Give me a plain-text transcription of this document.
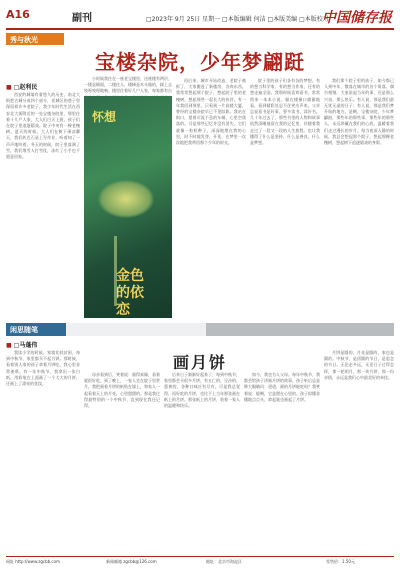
A16	副刊	□2023年 9月 25日 星期一 □本版编辑 何洁 □本版美编 □本版校对
中国储存报
秀与秋光
宝楼杂院，少年梦翩跹
■ □赵利民
西安的城墙有着悠久的历史，南北大街把古城分成四个部分，老城区的巷子里保留着许多老院子。我少年时代生活在西安北大街附近的一处宝楼杂院里，那里住着十几户人家，大人们白天上班，孩子们在院子里追逐嬉戏。院子中央有一棵老槐树，夏天的时候，大人们在树下乘凉聊天，我们趴在石桌上写作业，听着知了一声声地叫着。冬天的时候，院子里落满了雪，我们堆雪人打雪仗，冻红了小手也不愿意回家。
怀想
金色的依恋
小时候我住在一座老宝楼里，这座楼有两层，一楼是铺面，二楼住人，楼梯是木头做的，踩上去吱呀吱呀地响。楼里住着好几户人家，每家都有自
再后来，城市开始改造，老院子被拆了，大家搬进了新楼房，各奔东西。我常常想起那个院子，想起院子里的老槐树，想起那些一起长大的伙伴。有一年我回到那里，只看到一片高楼大厦，曾经的宝楼杂院早已不见踪影。我站在街口，望着川流不息的车辆，心里空落落的。可是那些记忆并没有消失，它们就像一粒粒种子，深深地埋在我的心里，时不时地发芽、开花，在梦里一次次地把我带回那个少年的时光。
院子里的孩子们各有各的梦想。有的想当科学家，有的想当作家，还有的想走遍全国。我那时候喜欢看书，常常借来一本本小说，躲在楼梯口偷偷地看，看到精彩处忍不住笑出声来。父亲总说看书是好事，要多读书、读好书。几十年过去了，那些书里的人物和故事依然清晰地留在我的记忆里，伴随着我走过了一段又一段的人生旅程，也让我懂得了什么是坚持、什么是善良、什么是梦想。
我们那个院子里的孩子，如今都已人到中年，散落在城市的各个角落。偶尔相聚，大家说起当年的事，还是那么兴奋，那么快乐。有人说，那是我们最无忧无虑的日子；有人说，那是我们梦开始的地方。是啊，宝楼杂院，少年梦翩跹，那些年的那些事，那些年的那些人，永远珍藏在我们的心底，温暖着我们走过漫长的岁月。每当夜深人静的时候，我总会想起那个院子，想起那棵老槐树，想起树下追逐嬉戏的身影。
闲思随笔
画月饼
■ □马蓬伟
我读小学的时候，家境比较贫困，每到中秋节，家里都买不起月饼。那时候，看着别人家的孩子拿着月饼吃，我心里非常羡慕。有一年中秋节，我拿出一张白纸，用彩笔在上面画了一个大大的月饼，还画上了漂亮的花纹。
母亲看到后，笑着说：画得真像，看着就很好吃。到了晚上，一家人坐在院子里赏月，我把画着月饼的纸贴在墙上，和家人一起看着天上的月亮，心里甜甜的。那是我过得最特别的一个中秋节，直到现在我还记得。
后来日子渐渐好起来了，每到中秋节，家里都会买很多月饼，有五仁的、豆沙的、蛋黄的，各种口味应有尽有。可是我总觉得，再好吃的月饼，也比不上当年那张画在纸上的月饼。那张纸上的月饼，装着一家人的温暖和快乐。
如今，我也为人父母。每年中秋节，我都会给孩子讲画月饼的故事。孩子听后总是睁大眼睛问：爸爸，画的月饼能吃吗？我笑着说：能啊，它是甜在心里的。孩子似懂非懂地点点头，拿起笔也画起了月饼。
月饼是圆的，月亮是圆的，家也是圆的。中秋节，是团圆的节日，是思念的节日。无论走多远，无论日子过得怎样，那一轮明月，那一块月饼，那一份亲情，永远是我们心中最美好的牵挂。
网址 http://www.zgcbb.com	新闻邮箱 zgcbb@126.com	地址：北京市海淀区	零售价：1.50元
